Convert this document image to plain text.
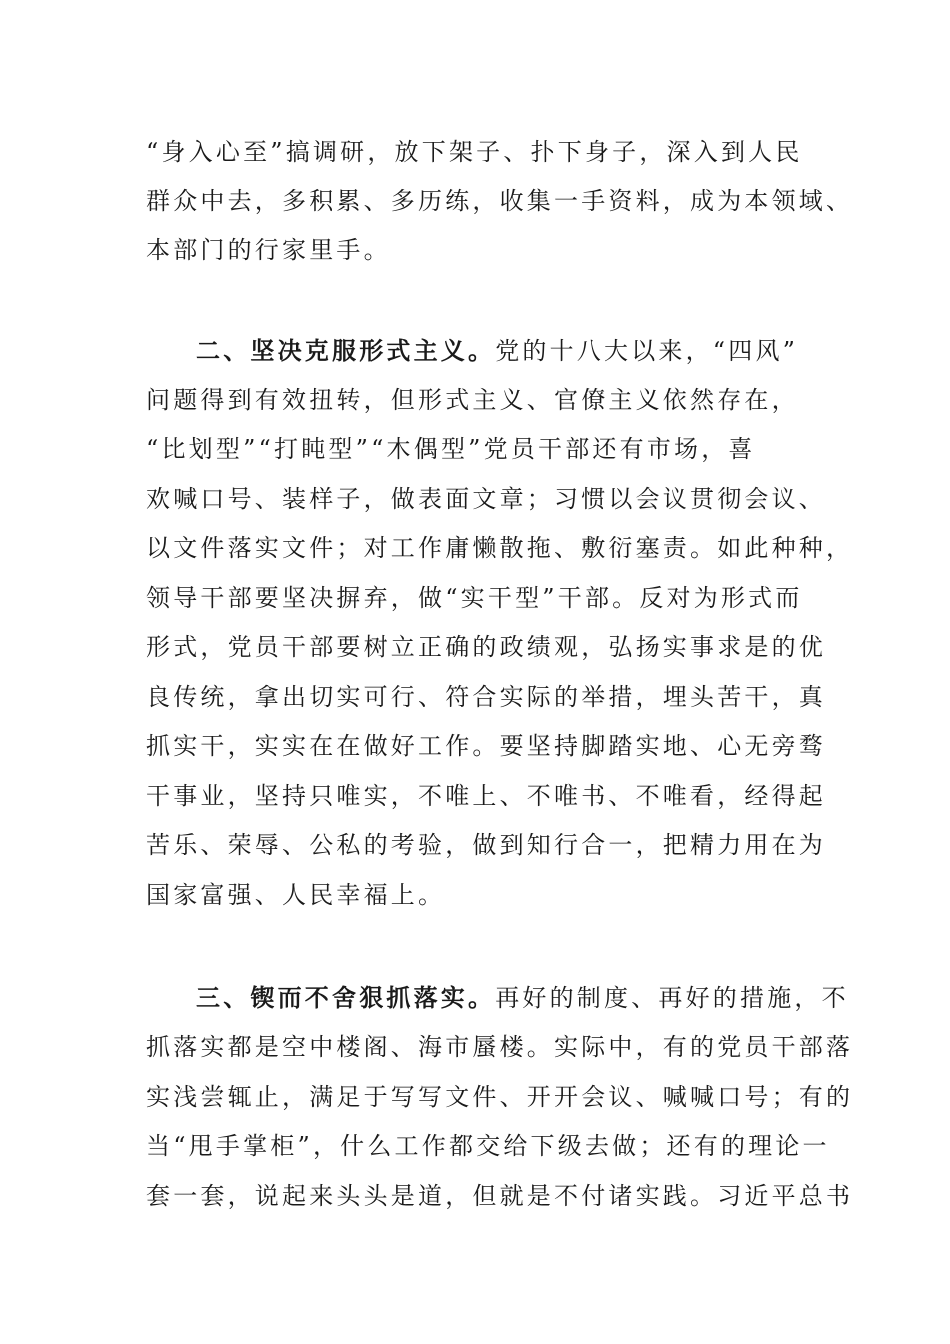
“身入心至”搞调研，放下架子、扑下身子，深入到人民
群众中去，多积累、多历练，收集一手资料，成为本领域、
本部门的行家里手。
二、坚决克服形式主义。党的十八大以来，“四风”
问题得到有效扭转，但形式主义、官僚主义依然存在，
“比划型”“打盹型”“木偶型”党员干部还有市场，喜
欢喊口号、装样子，做表面文章；习惯以会议贯彻会议、
以文件落实文件；对工作庸懒散拖、敷衍塞责。如此种种，
领导干部要坚决摒弃，做“实干型”干部。反对为形式而
形式，党员干部要树立正确的政绩观，弘扬实事求是的优
良传统，拿出切实可行、符合实际的举措，埋头苦干，真
抓实干，实实在在做好工作。要坚持脚踏实地、心无旁骛
干事业，坚持只唯实，不唯上、不唯书、不唯看，经得起
苦乐、荣辱、公私的考验，做到知行合一，把精力用在为
国家富强、人民幸福上。
三、锲而不舍狠抓落实。再好的制度、再好的措施，不
抓落实都是空中楼阁、海市蜃楼。实际中，有的党员干部落
实浅尝辄止，满足于写写文件、开开会议、喊喊口号；有的
当“甩手掌柜”，什么工作都交给下级去做；还有的理论一
套一套，说起来头头是道，但就是不付诸实践。习近平总书
